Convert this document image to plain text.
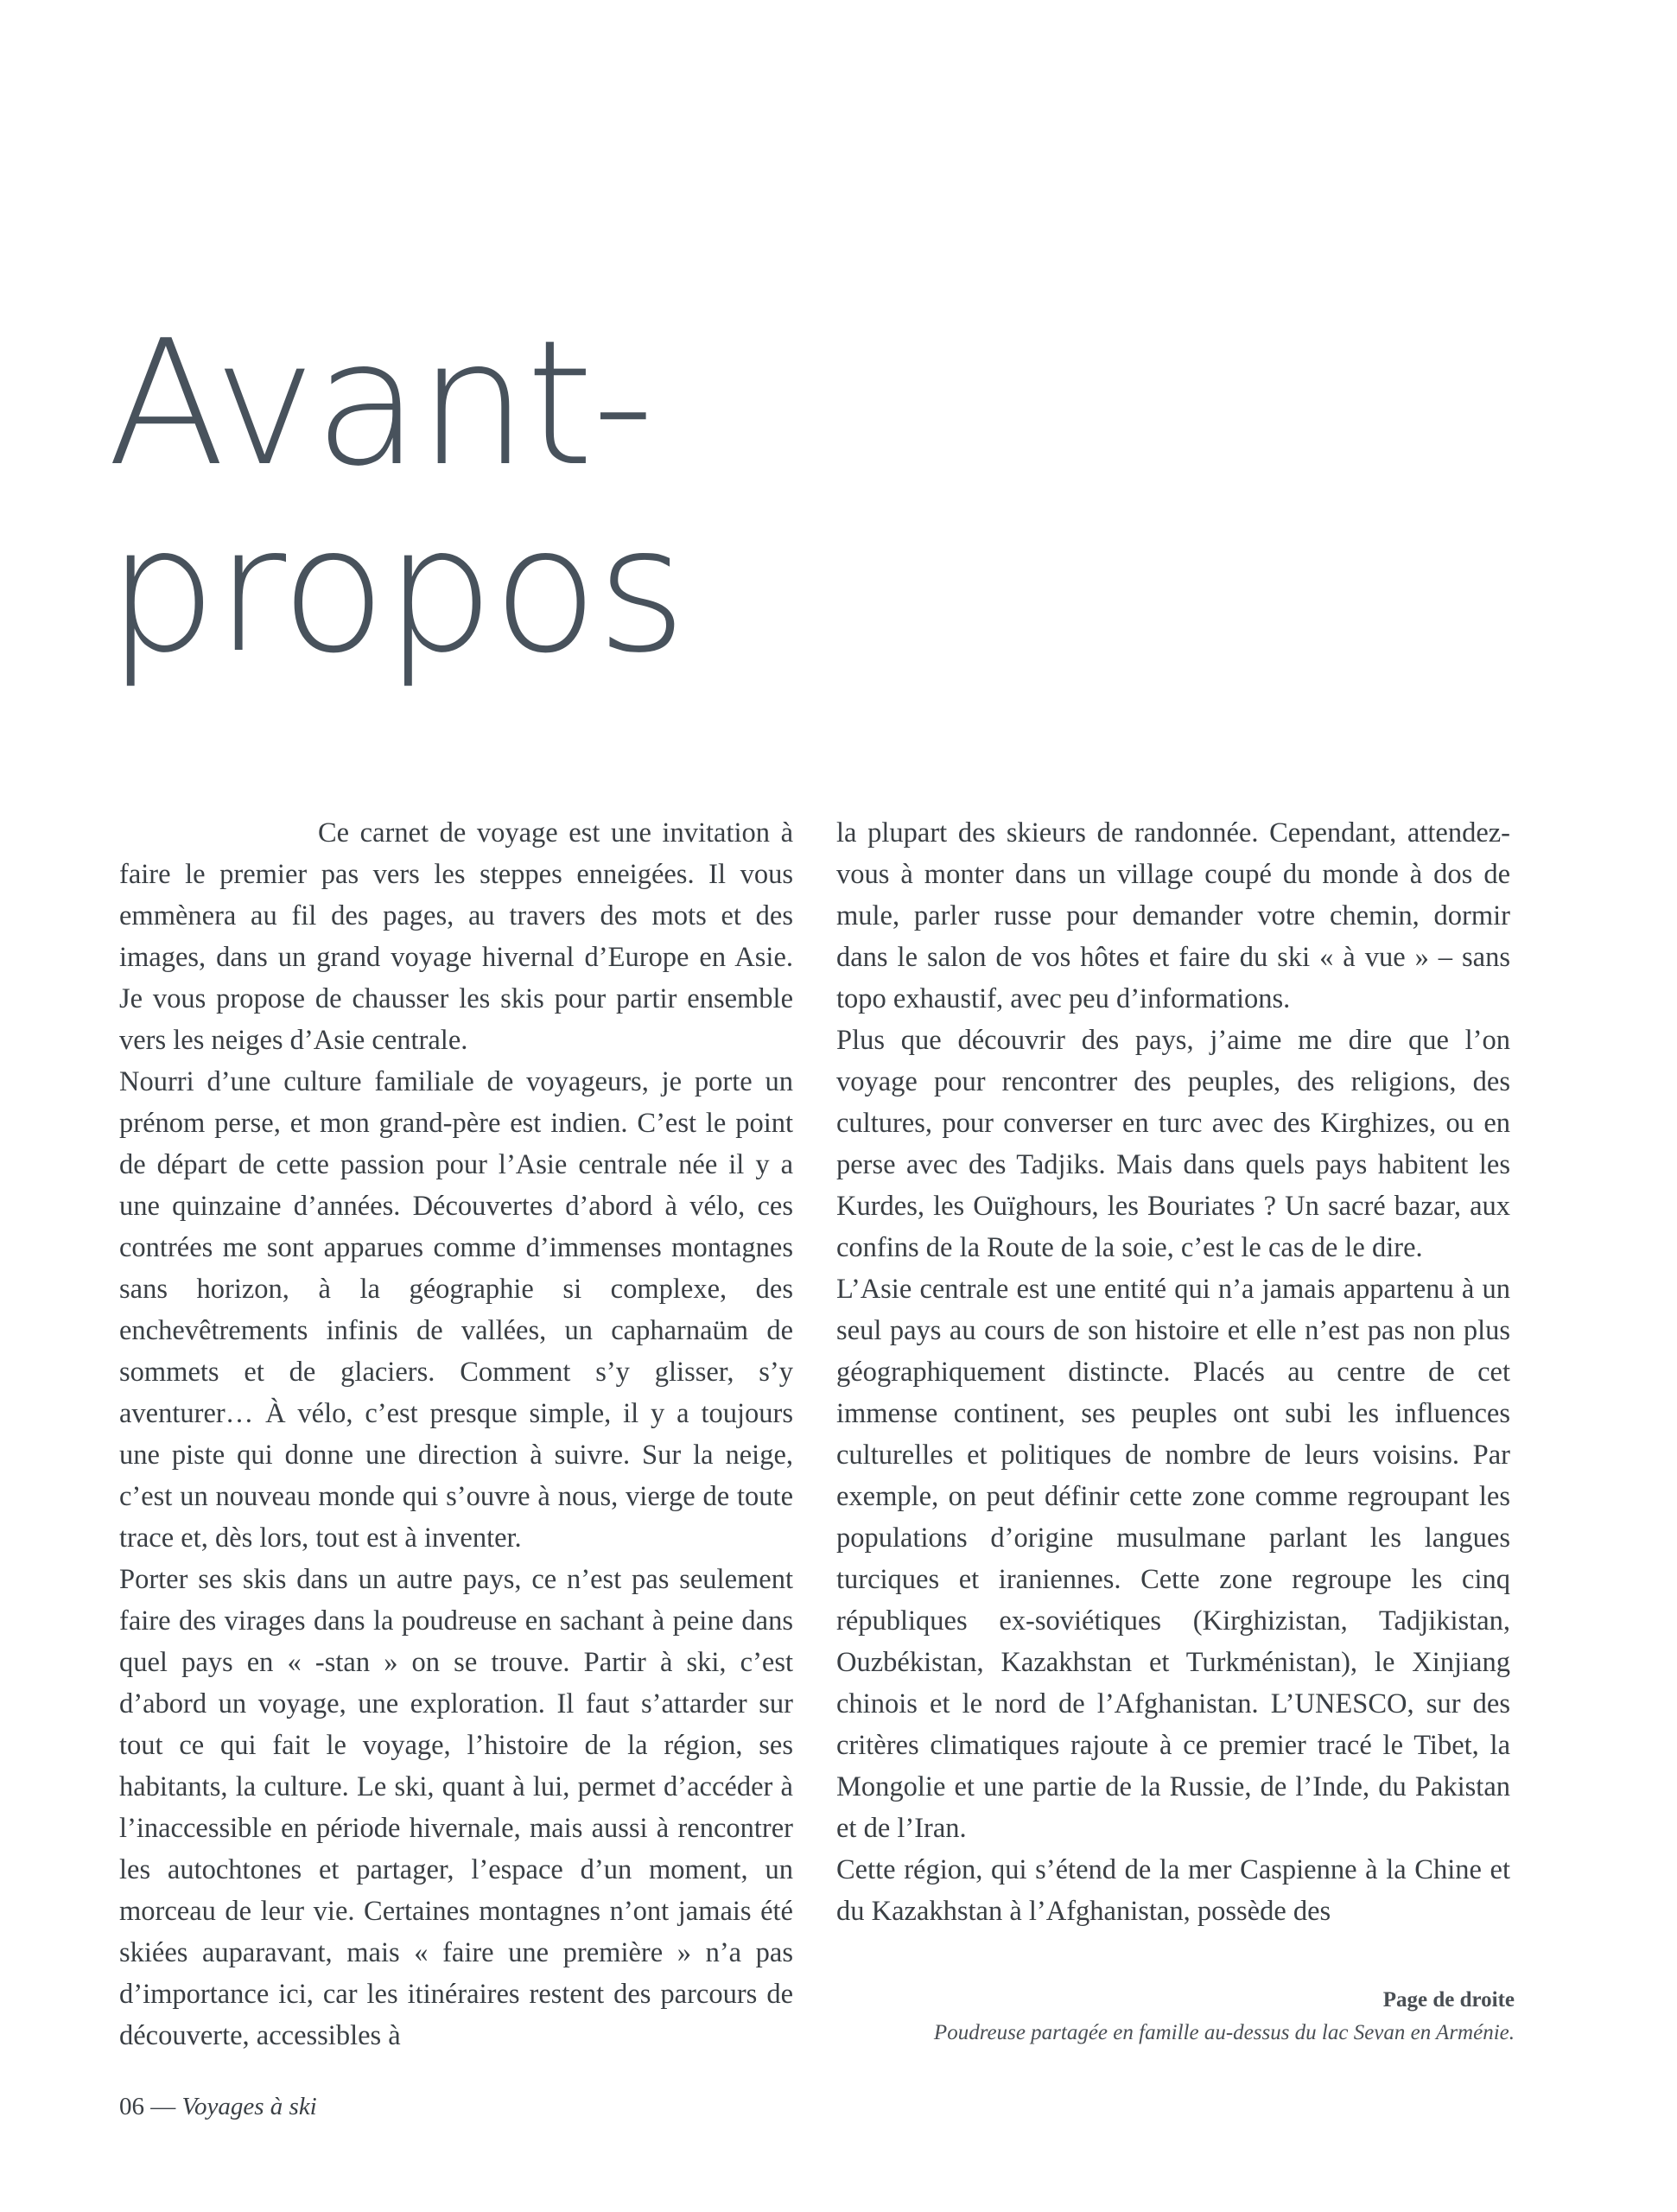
Avant-
propos

Ce carnet de voyage est une invitation à faire le premier pas vers les steppes enneigées. Il vous emmènera au fil des pages, au travers des mots et des images, dans un grand voyage hivernal d’Europe en Asie. Je vous propose de chausser les skis pour partir ensemble vers les neiges d’Asie centrale.

Nourri d’une culture familiale de voyageurs, je porte un prénom perse, et mon grand-père est indien. C’est le point de départ de cette passion pour l’Asie centrale née il y a une quinzaine d’années. Découvertes d’abord à vélo, ces contrées me sont apparues comme d’immenses montagnes sans horizon, à la géographie si complexe, des enchevêtrements infinis de vallées, un capharnaüm de sommets et de glaciers. Comment s’y glisser, s’y aventurer… À vélo, c’est presque simple, il y a toujours une piste qui donne une direction à suivre. Sur la neige, c’est un nouveau monde qui s’ouvre à nous, vierge de toute trace et, dès lors, tout est à inventer.

Porter ses skis dans un autre pays, ce n’est pas seulement faire des virages dans la poudreuse en sachant à peine dans quel pays en « -stan » on se trouve. Partir à ski, c’est d’abord un voyage, une exploration. Il faut s’attarder sur tout ce qui fait le voyage, l’histoire de la région, ses habitants, la culture. Le ski, quant à lui, permet d’accéder à l’inaccessible en période hivernale, mais aussi à rencontrer les autochtones et partager, l’espace d’un moment, un morceau de leur vie. Certaines montagnes n’ont jamais été skiées auparavant, mais « faire une première » n’a pas d’importance ici, car les itinéraires restent des parcours de découverte, accessibles à

la plupart des skieurs de randonnée. Cependant, attendez-vous à monter dans un village coupé du monde à dos de mule, parler russe pour demander votre chemin, dormir dans le salon de vos hôtes et faire du ski « à vue » – sans topo exhaustif, avec peu d’informations.

Plus que découvrir des pays, j’aime me dire que l’on voyage pour rencontrer des peuples, des religions, des cultures, pour converser en turc avec des Kirghizes, ou en perse avec des Tadjiks. Mais dans quels pays habitent les Kurdes, les Ouïghours, les Bouriates ? Un sacré bazar, aux confins de la Route de la soie, c’est le cas de le dire.

L’Asie centrale est une entité qui n’a jamais appartenu à un seul pays au cours de son histoire et elle n’est pas non plus géographiquement distincte. Placés au centre de cet immense continent, ses peuples ont subi les influences culturelles et politiques de nombre de leurs voisins. Par exemple, on peut définir cette zone comme regroupant les populations d’origine musulmane parlant les langues turciques et iraniennes. Cette zone regroupe les cinq républiques ex-soviétiques (Kirghizistan, Tadjikistan, Ouzbékistan, Kazakhstan et Turkménistan), le Xinjiang chinois et le nord de l’Afghanistan. L’UNESCO, sur des critères climatiques rajoute à ce premier tracé le Tibet, la Mongolie et une partie de la Russie, de l’Inde, du Pakistan et de l’Iran.

Cette région, qui s’étend de la mer Caspienne à la Chine et du Kazakhstan à l’Afghanistan, possède des

Page de droite
Poudreuse partagée en famille au-dessus du lac Sevan en Arménie.
06 — Voyages à ski
